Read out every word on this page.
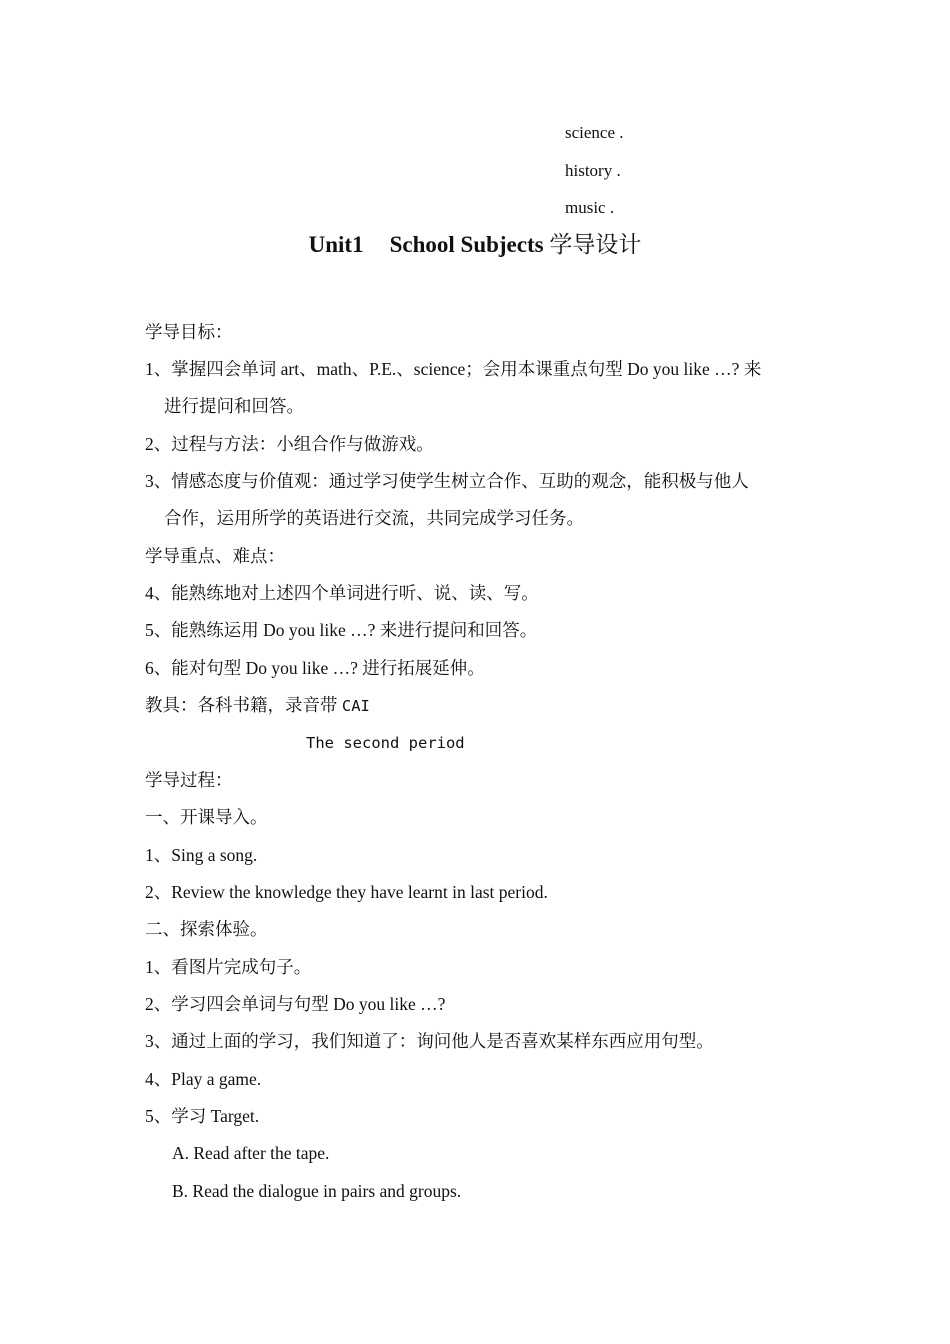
science .
history .
music .
Unit1 School Subjects 学导设计
学导目标：
1、掌握四会单词 art、math、P.E.、science；会用本课重点句型 Do you like …? 来
进行提问和回答。
2、过程与方法：小组合作与做游戏。
3、情感态度与价值观：通过学习使学生树立合作、互助的观念，能积极与他人
合作，运用所学的英语进行交流，共同完成学习任务。
学导重点、难点：
4、能熟练地对上述四个单词进行听、说、读、写。
5、能熟练运用 Do you like …? 来进行提问和回答。
6、能对句型 Do you like …? 进行拓展延伸。
教具：各科书籍，录音带 CAI
The second period
学导过程：
一、开课导入。
1、Sing a song.
2、Review the knowledge they have learnt in last period.
二、探索体验。
1、看图片完成句子。
2、学习四会单词与句型 Do you like …?
3、通过上面的学习，我们知道了：询问他人是否喜欢某样东西应用句型。
4、Play a game.
5、学习 Target.
A. Read after the tape.
B. Read the dialogue in pairs and groups.
